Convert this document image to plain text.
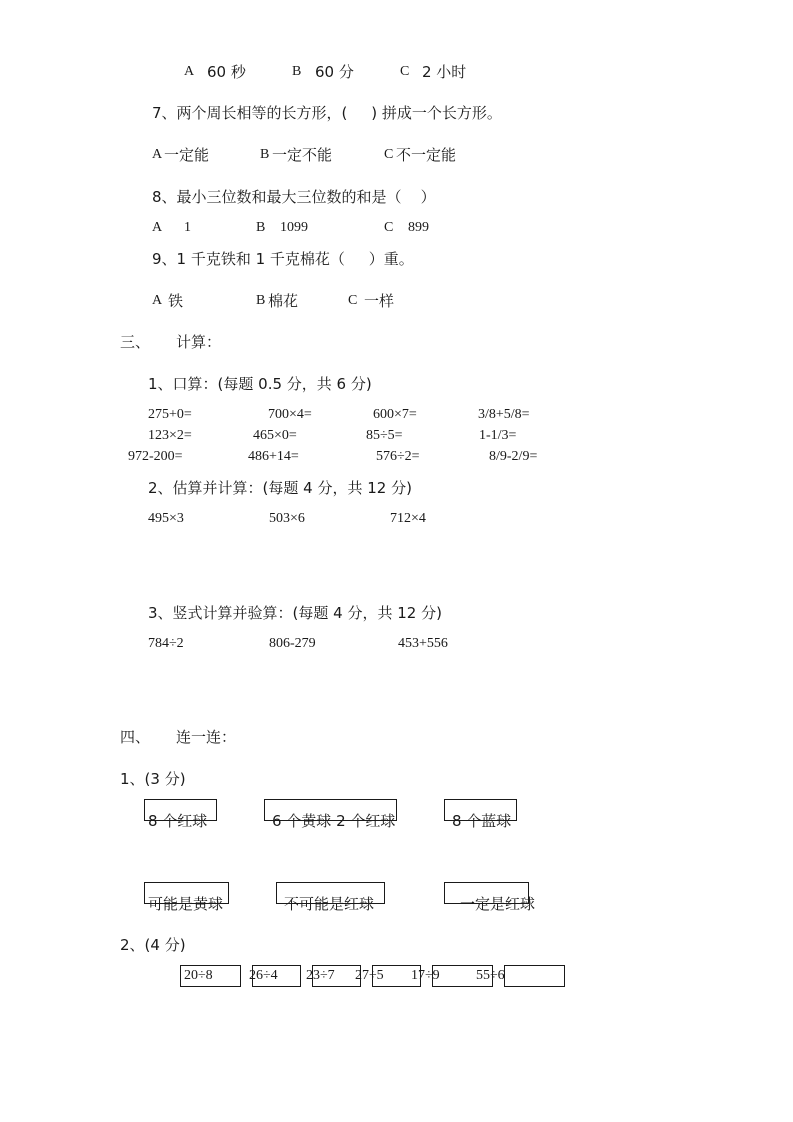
A 60 秒	B 60 分	C 2 小时
7、两个周长相等的长方形，(     ) 拼成一个长方形。
A 一定能	B 一定不能	C 不一定能
8、最小三位数和最大三位数的和是（    ）
A 1	B 1099	C 899
9、1 千克铁和 1 千克棉花（     ）重。
A 铁	B 棉花	C 一样
三、 计算：
1、口算：(每题 0.5 分，共 6 分)
275+0=	700×4=	600×7=	3/8+5/8=
123×2=	465×0=	85÷5=	1-1/3=
972-200=	486+14=	576÷2=	8/9-2/9=
2、估算并计算：(每题 4 分，共 12 分)
495×3	503×6	712×4
3、竖式计算并验算：(每题 4 分，共 12 分)
784÷2	806-279	453+556
四、 连一连：
1、(3 分)
8 个红球	6 个黄球 2 个红球	8 个蓝球
可能是黄球	不可能是红球	一定是红球
2、(4 分)
20÷8	26÷4 23÷7 27÷5 17÷9	55÷6
